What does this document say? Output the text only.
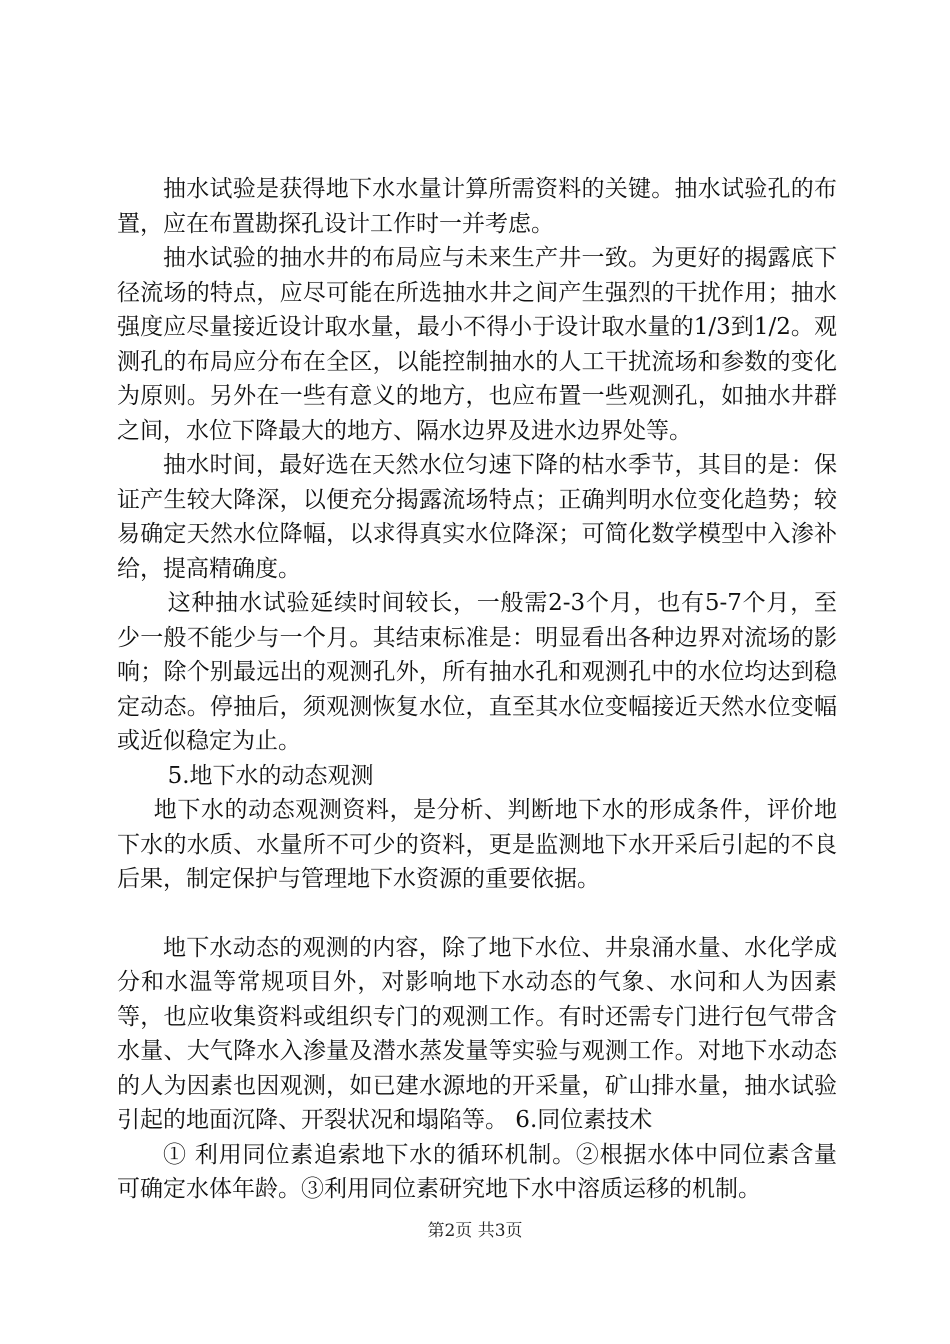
抽水试验是获得地下水水量计算所需资料的关键。抽水试验孔的布置，应在布置勘探孔设计工作时一并考虑。

抽水试验的抽水井的布局应与未来生产井一致。为更好的揭露底下径流场的特点，应尽可能在所选抽水井之间产生强烈的干扰作用；抽水强度应尽量接近设计取水量，最小不得小于设计取水量的1/3到1/2。观测孔的布局应分布在全区，以能控制抽水的人工干扰流场和参数的变化为原则。另外在一些有意义的地方，也应布置一些观测孔，如抽水井群之间，水位下降最大的地方、隔水边界及进水边界处等。

抽水时间，最好选在天然水位匀速下降的枯水季节，其目的是：保证产生较大降深，以便充分揭露流场特点；正确判明水位变化趋势；较易确定天然水位降幅，以求得真实水位降深；可简化数学模型中入渗补给，提高精确度。

这种抽水试验延续时间较长，一般需2-3个月，也有5-7个月，至少一般不能少与一个月。其结束标准是：明显看出各种边界对流场的影响；除个别最远出的观测孔外，所有抽水孔和观测孔中的水位均达到稳定动态。停抽后，须观测恢复水位，直至其水位变幅接近天然水位变幅或近似稳定为止。

5.地下水的动态观测

地下水的动态观测资料，是分析、判断地下水的形成条件，评价地下水的水质、水量所不可少的资料，更是监测地下水开采后引起的不良后果，制定保护与管理地下水资源的重要依据。

地下水动态的观测的内容，除了地下水位、井泉涌水量、水化学成分和水温等常规项目外，对影响地下水动态的气象、水问和人为因素等，也应收集资料或组织专门的观测工作。有时还需专门进行包气带含水量、大气降水入渗量及潜水蒸发量等实验与观测工作。对地下水动态的人为因素也因观测，如已建水源地的开采量，矿山排水量，抽水试验引起的地面沉降、开裂状况和塌陷等。 6.同位素技术

① 利用同位素追索地下水的循环机制。②根据水体中同位素含量可确定水体年龄。③利用同位素研究地下水中溶质运移的机制。

第2页 共3页
